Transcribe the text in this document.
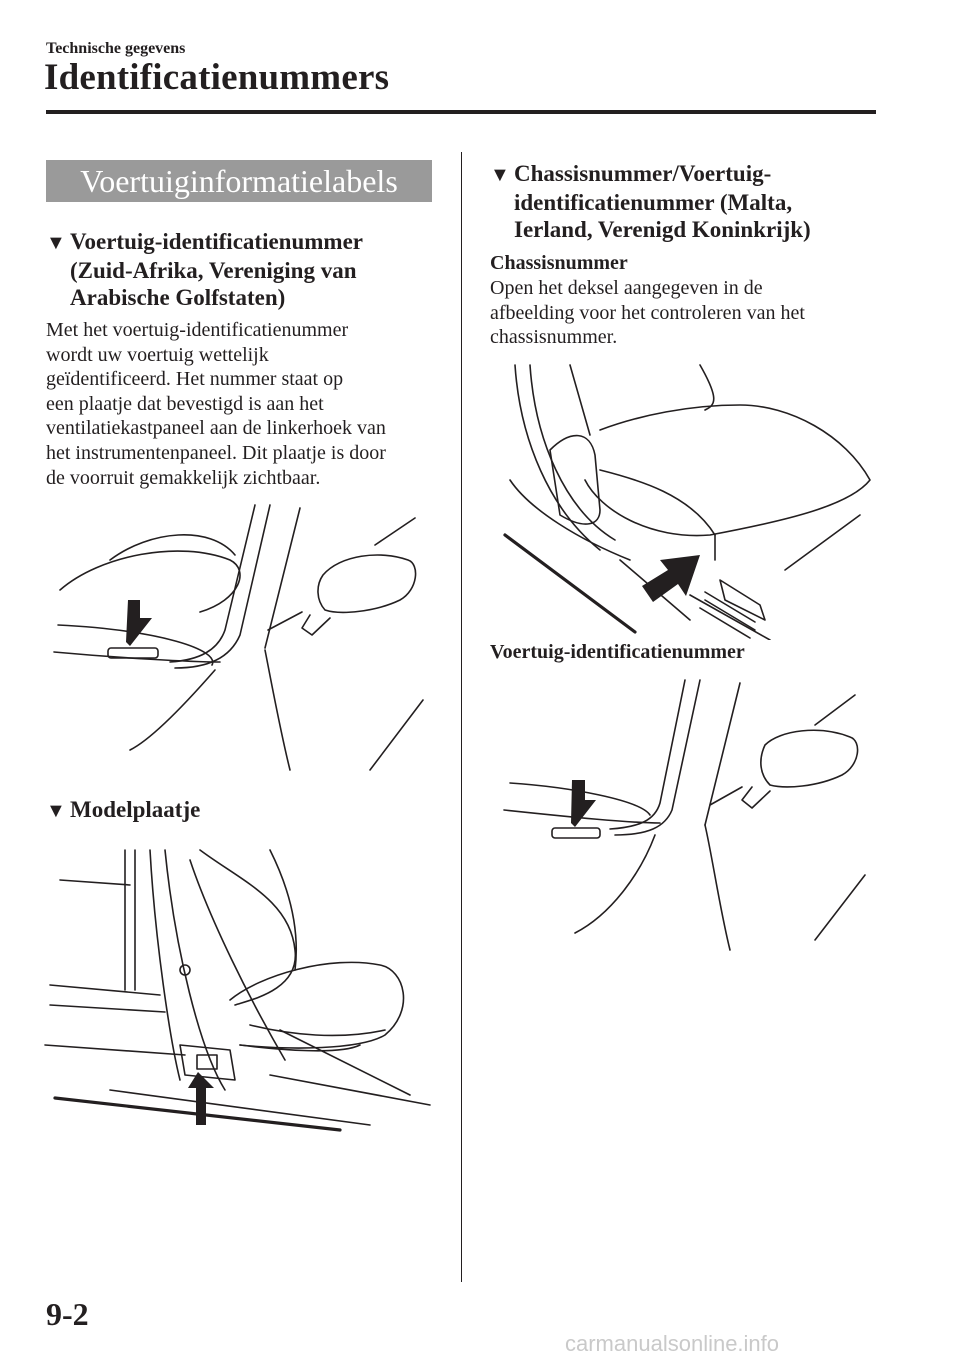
Technische gegevens
Identificatienummers
Voertuiginformatielabels
▼ Voertuig-identificatienummer
(Zuid-Afrika, Vereniging van
Arabische Golfstaten)
Met het voertuig-identificatienummer
wordt uw voertuig wettelijk
geïdentificeerd. Het nummer staat op
een plaatje dat bevestigd is aan het
ventilatiekastpaneel aan de linkerhoek van
het instrumentenpaneel. Dit plaatje is door
de voorruit gemakkelijk zichtbaar.
▼ Modelplaatje
▼ Chassisnummer/Voertuig-
identificatienummer (Malta,
Ierland, Verenigd Koninkrijk)
Chassisnummer
Open het deksel aangegeven in de
afbeelding voor het controleren van het
chassisnummer.
Voertuig-identificatienummer
9-2
carmanualsonline.info
